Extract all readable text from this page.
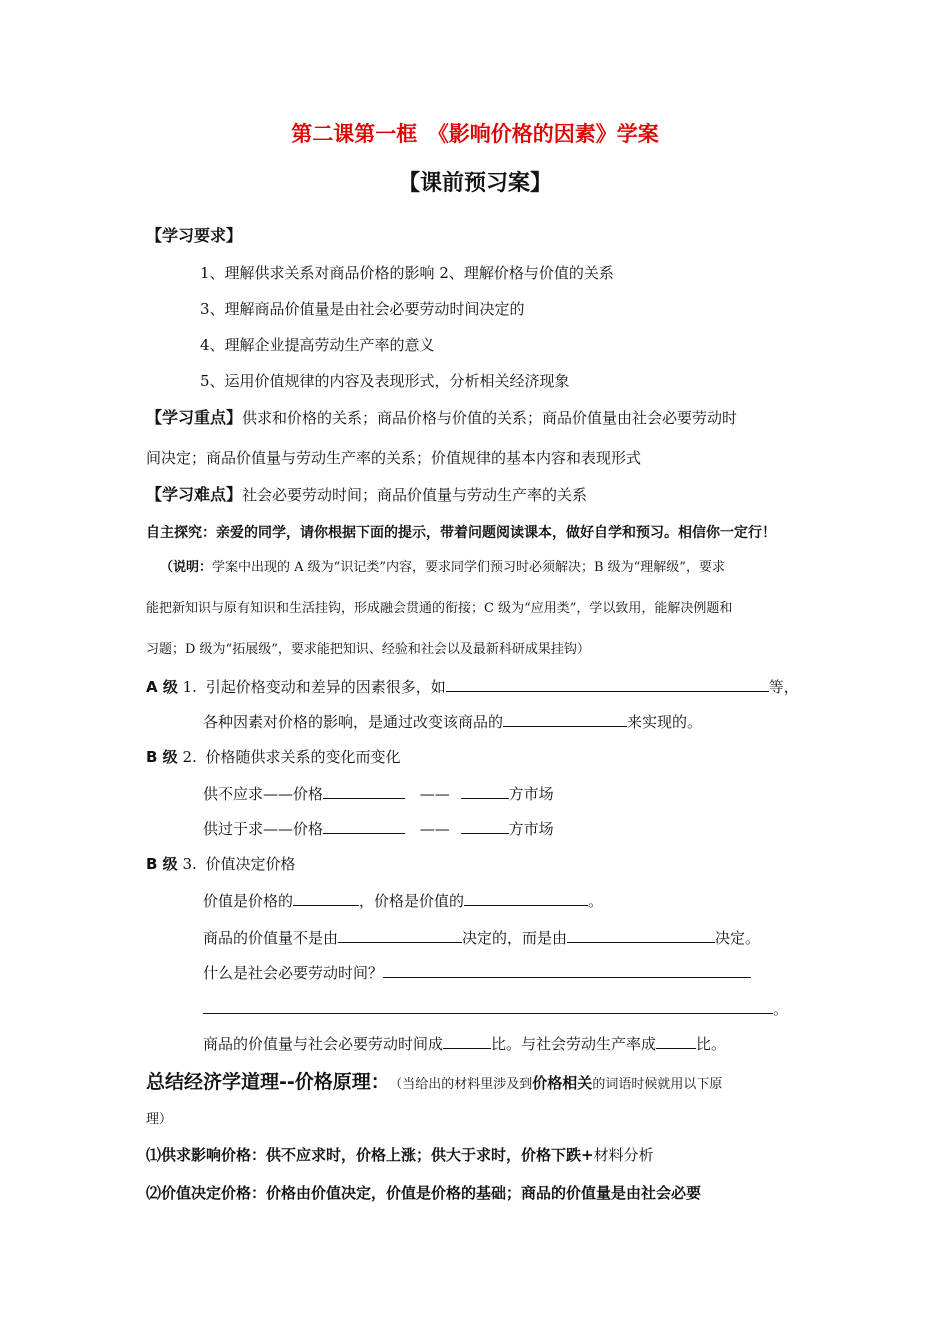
第二课第一框　《影响价格的因素》学案
【课前预习案】
【学习要求】
1、理解供求关系对商品价格的影响 2、理解价格与价值的关系
3、理解商品价值量是由社会必要劳动时间决定的
4、理解企业提高劳动生产率的意义
5、运用价值规律的内容及表现形式，分析相关经济现象
【学习重点】供求和价格的关系；商品价格与价值的关系；商品价值量由社会必要劳动时
间决定；商品价值量与劳动生产率的关系；价值规律的基本内容和表现形式
【学习难点】社会必要劳动时间；商品价值量与劳动生产率的关系
自主探究：亲爱的同学，请你根据下面的提示，带着问题阅读课本，做好自学和预习。相信你一定行！
（说明：学案中出现的 A 级为“识记类”内容，要求同学们预习时必须解决；B 级为“理解级”，要求
能把新知识与原有知识和生活挂钩，形成融会贯通的衔接；C 级为“应用类”，学以致用，能解决例题和
习题；D 级为“拓展级”，要求能把知识、经验和社会以及最新科研成果挂钩）
A 级 1. 引起价格变动和差异的因素很多，如	等，
各种因素对价格的影响，是通过改变该商品的	来实现的。
B 级 2. 价格随供求关系的变化而变化
供不应求——价格	——	方市场
供过于求——价格	——	方市场
B 级 3. 价值决定价格
价值是价格的	，价格是价值的	。
商品的价值量不是由	决定的，而是由	决定。
什么是社会必要劳动时间？
。
商品的价值量与社会必要劳动时间成	比。与社会劳动生产率成	比。
总结经济学道理--价格原理： （当给出的材料里涉及到价格相关的词语时候就用以下原
理）
⑴供求影响价格：供不应求时，价格上涨；供大于求时，价格下跌+材料分析
⑵价值决定价格：价格由价值决定，价值是价格的基础；商品的价值量是由社会必要
